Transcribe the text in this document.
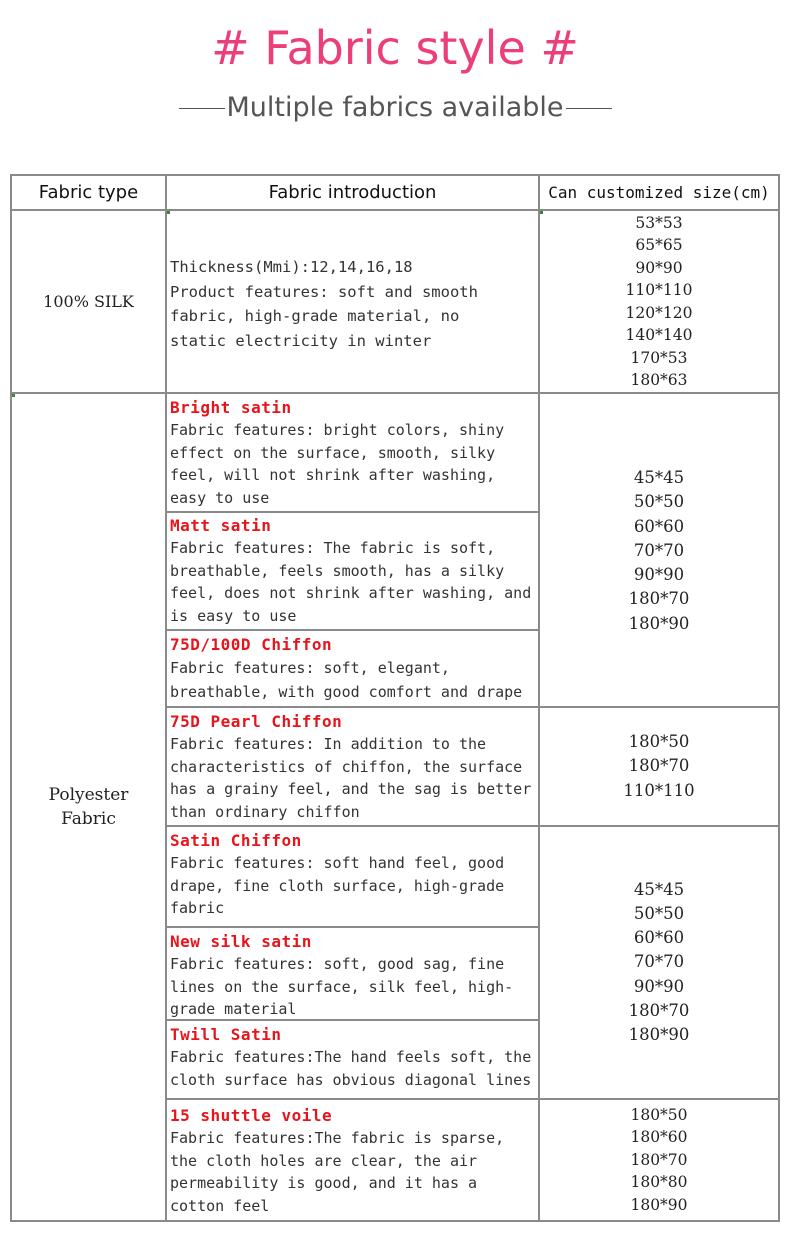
# Fabric style #
Multiple fabrics available
Fabric type	Fabric introduction	Can customized size(cm)
100% SILK
Thickness(Mmi):12,14,16,18
Product features: soft and smooth
fabric, high-grade material, no
static electricity in winter
53*53
65*65
90*90
110*110
120*120
140*140
170*53
180*63
Polyester
Fabric
Bright satin
Fabric features: bright colors, shiny
effect on the surface, smooth, silky
feel, will not shrink after washing,
easy to use
Matt satin
Fabric features: The fabric is soft,
breathable, feels smooth, has a silky
feel, does not shrink after washing, and
is easy to use
75D/100D Chiffon
Fabric features: soft, elegant,
breathable, with good comfort and drape
75D Pearl Chiffon
Fabric features: In addition to the
characteristics of chiffon, the surface
has a grainy feel, and the sag is better
than ordinary chiffon
Satin Chiffon
Fabric features: soft hand feel, good
drape, fine cloth surface, high-grade
fabric
New silk satin
Fabric features: soft, good sag, fine
lines on the surface, silk feel, high-
grade material
Twill Satin
Fabric features:The hand feels soft, the
cloth surface has obvious diagonal lines
15 shuttle voile
Fabric features:The fabric is sparse,
the cloth holes are clear, the air
permeability is good, and it has a
cotton feel
45*45
50*50
60*60
70*70
90*90
180*70
180*90
180*50
180*70
110*110
45*45
50*50
60*60
70*70
90*90
180*70
180*90
180*50
180*60
180*70
180*80
180*90
